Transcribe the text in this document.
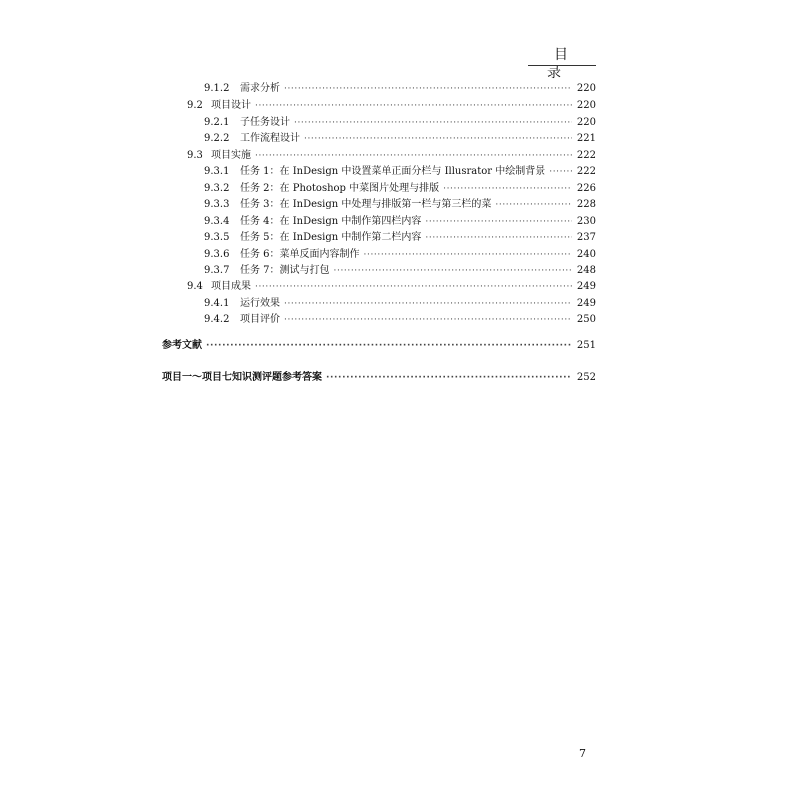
目录
9.1.2	需求分析 ·····	220
9.2 项目设计 ·····	220
9.2.1	子任务设计 ·····	220
9.2.2	工作流程设计 ·····	221
9.3 项目实施 ·····	222
9.3.1	任务 1：在 InDesign 中设置菜单正面分栏与 Illusrator 中绘制背景 ·····	222
9.3.2	任务 2：在 Photoshop 中菜图片处理与排版 ·····	226
9.3.3	任务 3：在 InDesign 中处理与排版第一栏与第三栏的菜 ·····	228
9.3.4	任务 4：在 InDesign 中制作第四栏内容 ·····	230
9.3.5	任务 5：在 InDesign 中制作第二栏内容 ·····	237
9.3.6	任务 6：菜单反面内容制作 ·····	240
9.3.7	任务 7：测试与打包 ·····	248
9.4 项目成果 ·····	249
9.4.1	运行效果 ·····	249
9.4.2	项目评价 ·····	250
参考文献 ·····	251
项目一～项目七知识测评题参考答案 ·····	252
7
